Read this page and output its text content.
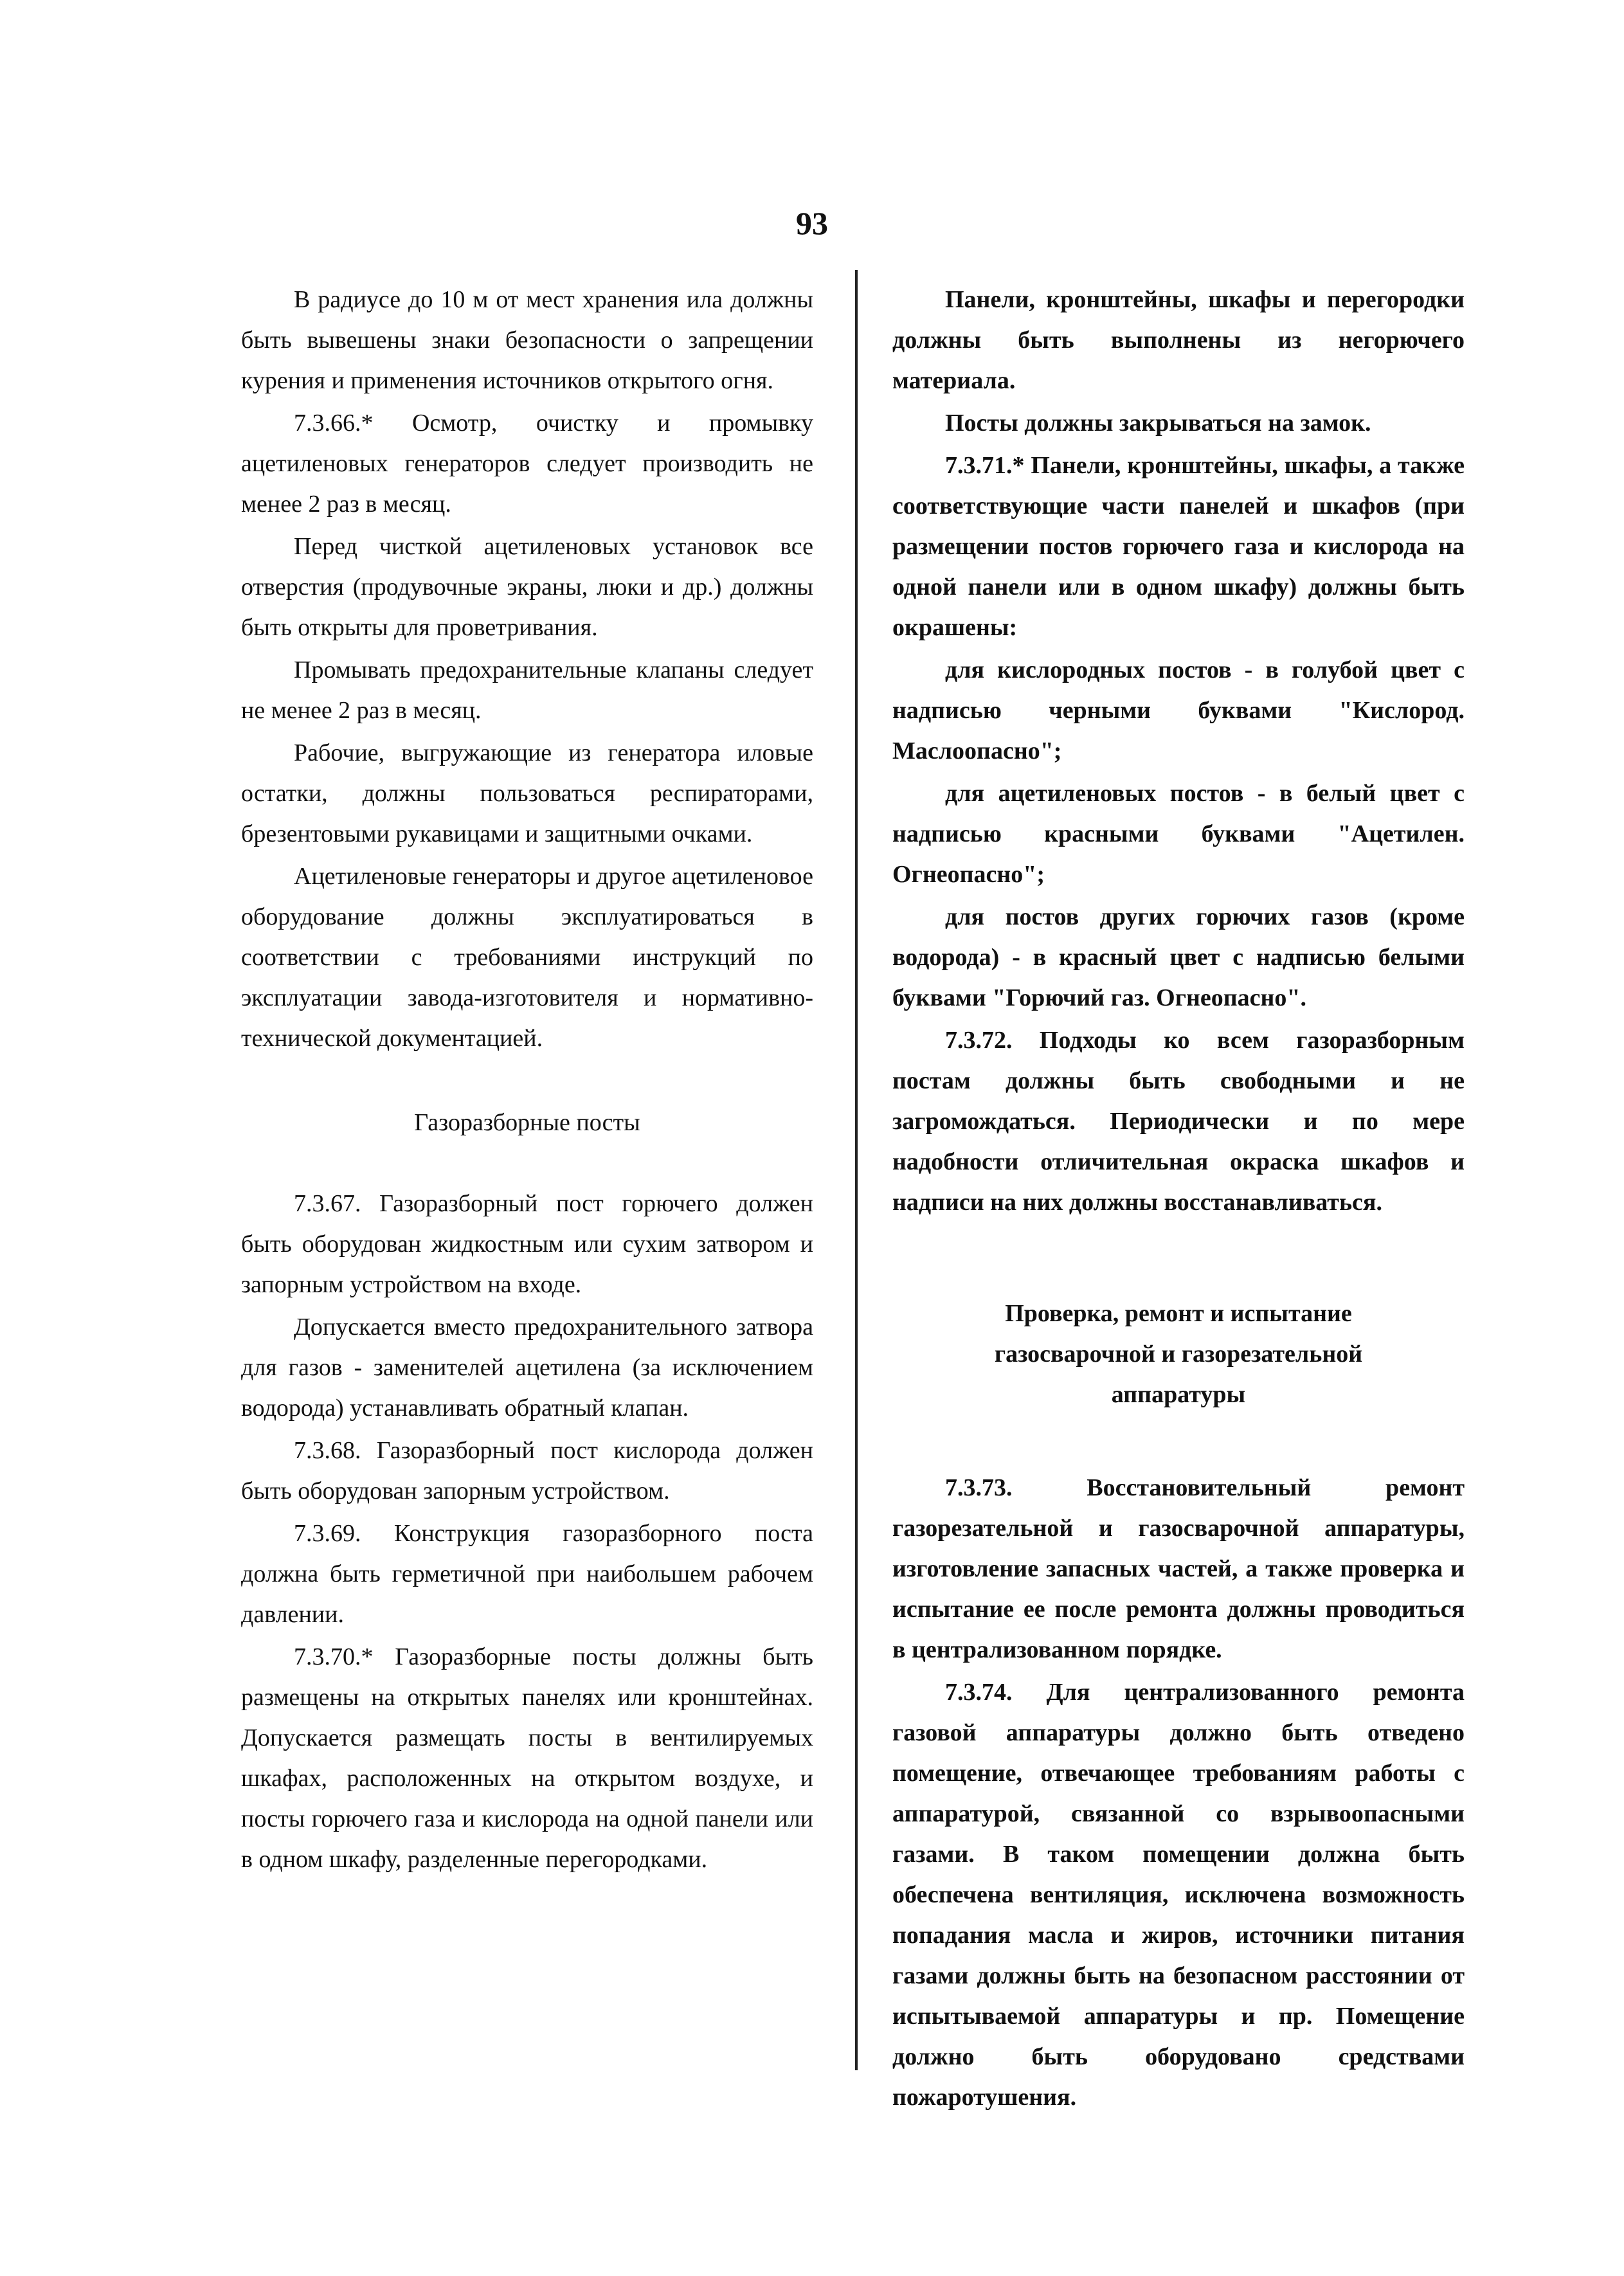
93

В радиусе до 10 м от мест хранения ила должны быть вывешены знаки безопасности о запрещении курения и применения источников открытого огня.

7.3.66.* Осмотр, очистку и промывку ацетиленовых генераторов следует производить не менее 2 раз в месяц.

Перед чисткой ацетиленовых установок все отверстия (продувочные экраны, люки и др.) должны быть открыты для проветривания.

Промывать предохранительные клапаны следует не менее 2 раз в месяц.

Рабочие, выгружающие из генератора иловые остатки, должны пользоваться респираторами, брезентовыми рукавицами и защитными очками.

Ацетиленовые генераторы и другое ацетиленовое оборудование должны эксплуатироваться в соответствии с требованиями инструкций по эксплуатации завода-изготовителя и нормативно-технической документацией.

Газоразборные посты

7.3.67. Газоразборный пост горючего должен быть оборудован жидкостным или сухим затвором и запорным устройством на входе.

Допускается вместо предохранительного затвора для газов - заменителей ацетилена (за исключением водорода) устанавливать обратный клапан.

7.3.68. Газоразборный пост кислорода должен быть оборудован запорным устройством.

7.3.69. Конструкция газоразборного поста должна быть герметичной при наибольшем рабочем давлении.

7.3.70.* Газоразборные посты должны быть размещены на открытых панелях или кронштейнах. Допускается размещать посты в вентилируемых шкафах, расположенных на открытом воздухе, и посты горючего газа и кислорода на одной панели или в одном шкафу, разделенные перегородками.

Панели, кронштейны, шкафы и перегородки должны быть выполнены из негорючего материала.

Посты должны закрываться на замок.

7.3.71.* Панели, кронштейны, шкафы, а также соответствующие части панелей и шкафов (при размещении постов горючего газа и кислорода на одной панели или в одном шкафу) должны быть окрашены:

для кислородных постов - в голубой цвет с надписью черными буквами "Кислород. Маслоопасно";

для ацетиленовых постов - в белый цвет с надписью красными буквами "Ацетилен. Огнеопасно";

для постов других горючих газов (кроме водорода) - в красный цвет с надписью белыми буквами "Горючий газ. Огнеопасно".

7.3.72. Подходы ко всем газоразборным постам должны быть свободными и не загромождаться. Периодически и по мере надобности отличительная окраска шкафов и надписи на них должны восстанавливаться.

Проверка, ремонт и испытание
газосварочной и газорезательной
аппаратуры

7.3.73. Восстановительный ремонт газорезательной и газосварочной аппаратуры, изготовление запасных частей, а также проверка и испытание ее после ремонта должны проводиться в централизованном порядке.

7.3.74. Для централизованного ремонта газовой аппаратуры должно быть отведено помещение, отвечающее требованиям работы с аппаратурой, связанной со взрывоопасными газами. В таком помещении должна быть обеспечена вентиляция, исключена возможность попадания масла и жиров, источники питания газами должны быть на безопасном расстоянии от испытываемой аппаратуры и пр. Помещение должно быть оборудовано средствами пожаротушения.
